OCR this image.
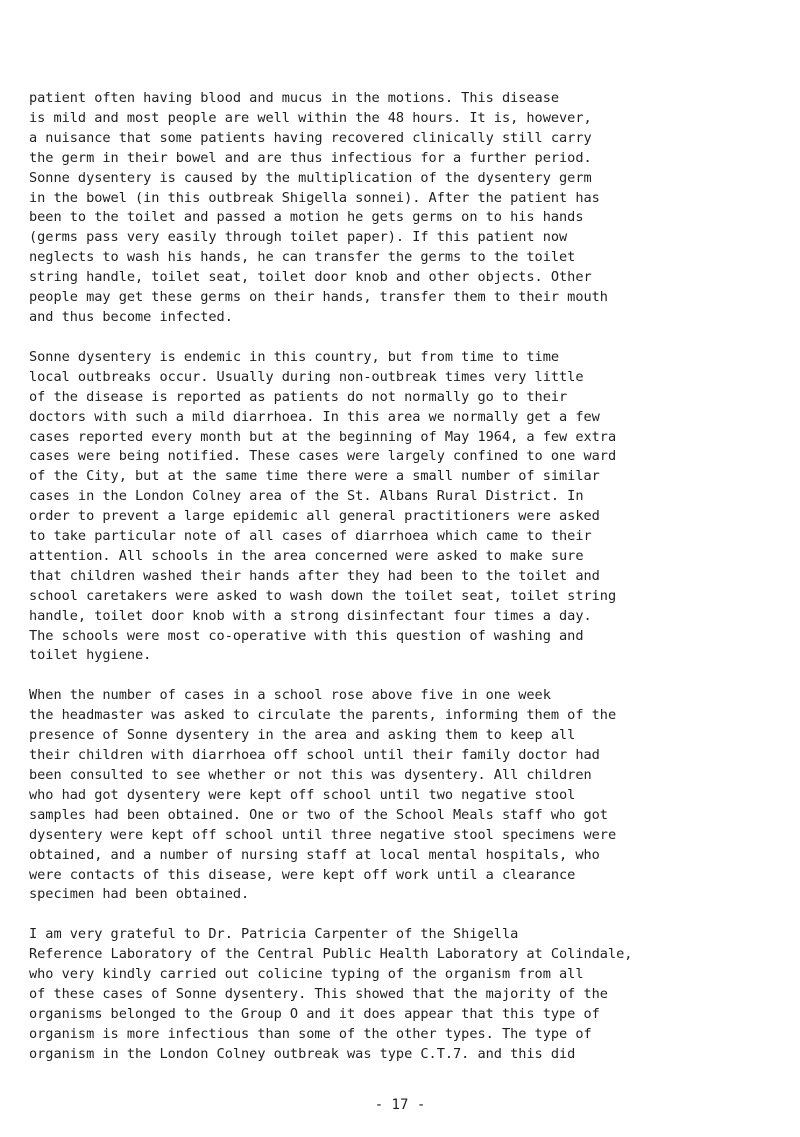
patient often having blood and mucus in the motions. This disease
is mild and most people are well within the 48 hours. It is, however,
a nuisance that some patients having recovered clinically still carry
the germ in their bowel and are thus infectious for a further period.
Sonne dysentery is caused by the multiplication of the dysentery germ
in the bowel (in this outbreak Shigella sonnei). After the patient has
been to the toilet and passed a motion he gets germs on to his hands
(germs pass very easily through toilet paper). If this patient now
neglects to wash his hands, he can transfer the germs to the toilet
string handle, toilet seat, toilet door knob and other objects. Other
people may get these germs on their hands, transfer them to their mouth
and thus become infected.

Sonne dysentery is endemic in this country, but from time to time
local outbreaks occur. Usually during non-outbreak times very little
of the disease is reported as patients do not normally go to their
doctors with such a mild diarrhoea. In this area we normally get a few
cases reported every month but at the beginning of May 1964, a few extra
cases were being notified. These cases were largely confined to one ward
of the City, but at the same time there were a small number of similar
cases in the London Colney area of the St. Albans Rural District. In
order to prevent a large epidemic all general practitioners were asked
to take particular note of all cases of diarrhoea which came to their
attention. All schools in the area concerned were asked to make sure
that children washed their hands after they had been to the toilet and
school caretakers were asked to wash down the toilet seat, toilet string
handle, toilet door knob with a strong disinfectant four times a day.
The schools were most co-operative with this question of washing and
toilet hygiene.

When the number of cases in a school rose above five in one week
the headmaster was asked to circulate the parents, informing them of the
presence of Sonne dysentery in the area and asking them to keep all
their children with diarrhoea off school until their family doctor had
been consulted to see whether or not this was dysentery. All children
who had got dysentery were kept off school until two negative stool
samples had been obtained. One or two of the School Meals staff who got
dysentery were kept off school until three negative stool specimens were
obtained, and a number of nursing staff at local mental hospitals, who
were contacts of this disease, were kept off work until a clearance
specimen had been obtained.

I am very grateful to Dr. Patricia Carpenter of the Shigella
Reference Laboratory of the Central Public Health Laboratory at Colindale,
who very kindly carried out colicine typing of the organism from all
of these cases of Sonne dysentery. This showed that the majority of the
organisms belonged to the Group O and it does appear that this type of
organism is more infectious than some of the other types. The type of
organism in the London Colney outbreak was type C.T.7. and this did

- 17 -
